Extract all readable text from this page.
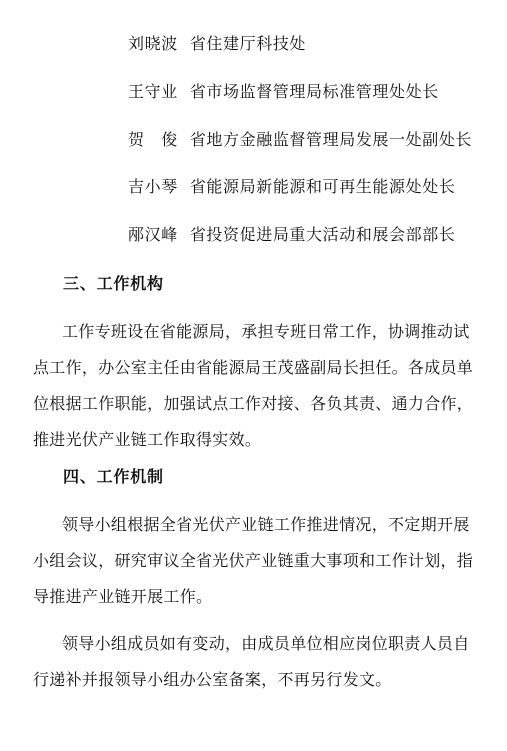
刘晓波 省住建厅科技处
王守业 省市场监督管理局标准管理处处长
贺　俊 省地方金融监督管理局发展一处副处长
吉小琴 省能源局新能源和可再生能源处处长
邴汉峰 省投资促进局重大活动和展会部部长
三、工作机构
工作专班设在省能源局，承担专班日常工作，协调推动试
点工作，办公室主任由省能源局王茂盛副局长担任。各成员单
位根据工作职能，加强试点工作对接、各负其责、通力合作，
推进光伏产业链工作取得实效。
四、工作机制
领导小组根据全省光伏产业链工作推进情况，不定期开展
小组会议，研究审议全省光伏产业链重大事项和工作计划，指
导推进产业链开展工作。
领导小组成员如有变动，由成员单位相应岗位职责人员自
行递补并报领导小组办公室备案，不再另行发文。
